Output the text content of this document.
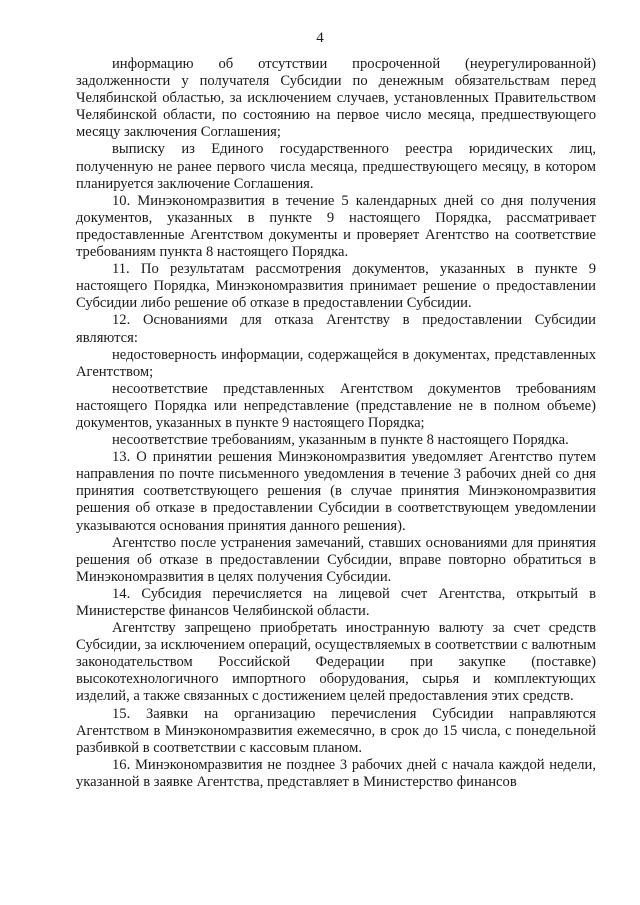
4

информацию об отсутствии просроченной (неурегулированной) задолженности у получателя Субсидии по денежным обязательствам перед Челябинской областью, за исключением случаев, установленных Правительством Челябинской области, по состоянию на первое число месяца, предшествующего месяцу заключения Соглашения;

выписку из Единого государственного реестра юридических лиц, полученную не ранее первого числа месяца, предшествующего месяцу, в котором планируется заключение Соглашения.

10. Минэкономразвития в течение 5 календарных дней со дня получения документов, указанных в пункте 9 настоящего Порядка, рассматривает предоставленные Агентством документы и проверяет Агентство на соответствие требованиям пункта 8 настоящего Порядка.

11. По результатам рассмотрения документов, указанных в пункте 9 настоящего Порядка, Минэкономразвития принимает решение о предоставлении Субсидии либо решение об отказе в предоставлении Субсидии.

12. Основаниями для отказа Агентству в предоставлении Субсидии являются:

недостоверность информации, содержащейся в документах, представленных Агентством;

несоответствие представленных Агентством документов требованиям настоящего Порядка или непредставление (представление не в полном объеме) документов, указанных в пункте 9 настоящего Порядка;

несоответствие требованиям, указанным в пункте 8 настоящего Порядка.

13. О принятии решения Минэкономразвития уведомляет Агентство путем направления по почте письменного уведомления в течение 3 рабочих дней со дня принятия соответствующего решения (в случае принятия Минэкономразвития решения об отказе в предоставлении Субсидии в соответствующем уведомлении указываются основания принятия данного решения).

Агентство после устранения замечаний, ставших основаниями для принятия решения об отказе в предоставлении Субсидии, вправе повторно обратиться в Минэкономразвития в целях получения Субсидии.

14. Субсидия перечисляется на лицевой счет Агентства, открытый в Министерстве финансов Челябинской области.

Агентству запрещено приобретать иностранную валюту за счет средств Субсидии, за исключением операций, осуществляемых в соответствии с валютным законодательством Российской Федерации при закупке (поставке) высокотехнологичного импортного оборудования, сырья и комплектующих изделий, а также связанных с достижением целей предоставления этих средств.

15. Заявки на организацию перечисления Субсидии направляются Агентством в Минэкономразвития ежемесячно, в срок до 15 числа, с понедельной разбивкой в соответствии с кассовым планом.

16. Минэкономразвития не позднее 3 рабочих дней с начала каждой недели, указанной в заявке Агентства, представляет в Министерство финансов
